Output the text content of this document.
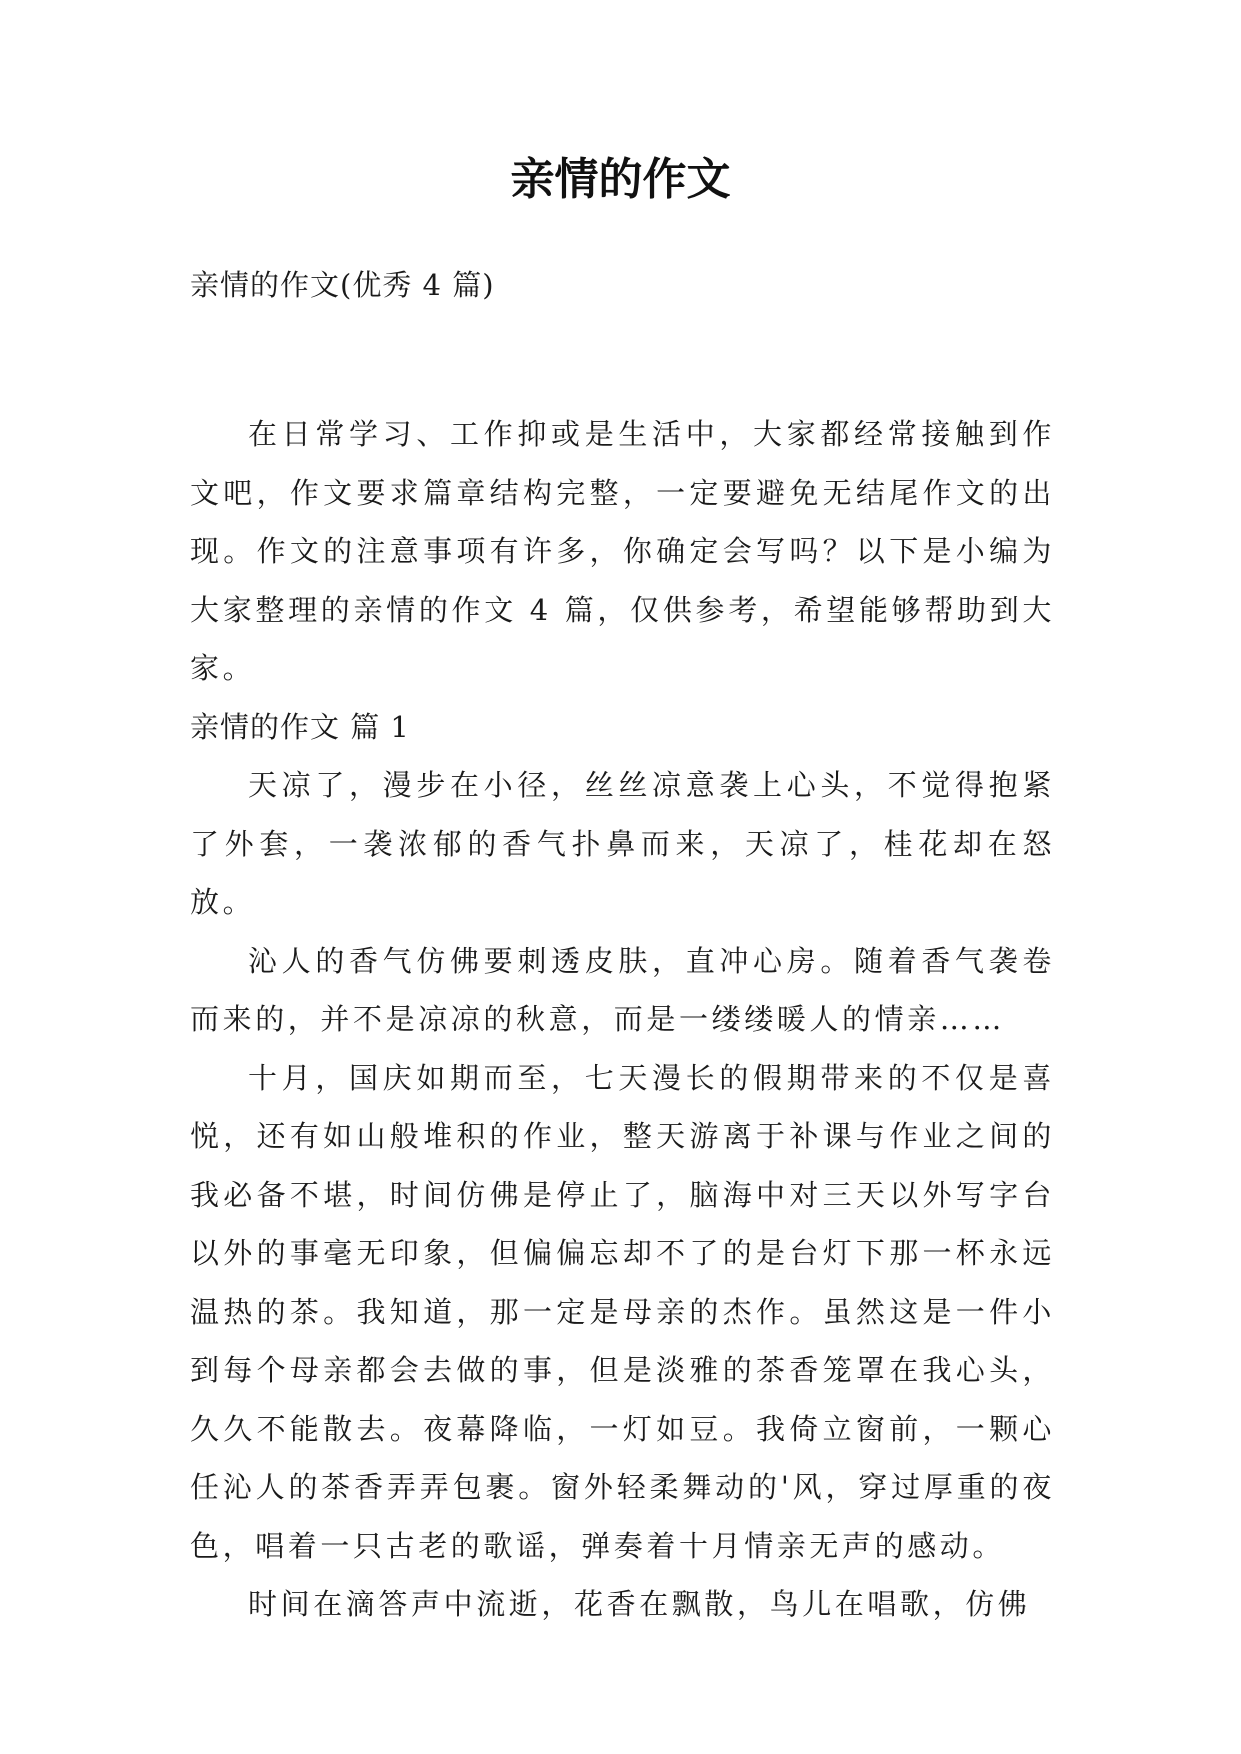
亲情的作文
亲情的作文(优秀 4 篇)

在日常学习、工作抑或是生活中，大家都经常接触到作文吧，作文要求篇章结构完整，一定要避免无结尾作文的出现。作文的注意事项有许多，你确定会写吗？以下是小编为大家整理的亲情的作文 4 篇，仅供参考，希望能够帮助到大家。

亲情的作文 篇 1

天凉了，漫步在小径，丝丝凉意袭上心头，不觉得抱紧了外套，一袭浓郁的香气扑鼻而来，天凉了，桂花却在怒放。

沁人的香气仿佛要刺透皮肤，直冲心房。随着香气袭卷而来的，并不是凉凉的秋意，而是一缕缕暖人的情亲……

十月，国庆如期而至，七天漫长的假期带来的不仅是喜悦，还有如山般堆积的作业，整天游离于补课与作业之间的我必备不堪，时间仿佛是停止了，脑海中对三天以外写字台以外的事毫无印象，但偏偏忘却不了的是台灯下那一杯永远温热的茶。我知道，那一定是母亲的杰作。虽然这是一件小到每个母亲都会去做的事，但是淡雅的茶香笼罩在我心头，久久不能散去。夜幕降临，一灯如豆。我倚立窗前，一颗心任沁人的茶香弄弄包裹。窗外轻柔舞动的'风，穿过厚重的夜色，唱着一只古老的歌谣，弹奏着十月情亲无声的感动。

时间在滴答声中流逝，花香在飘散，鸟儿在唱歌，仿佛
